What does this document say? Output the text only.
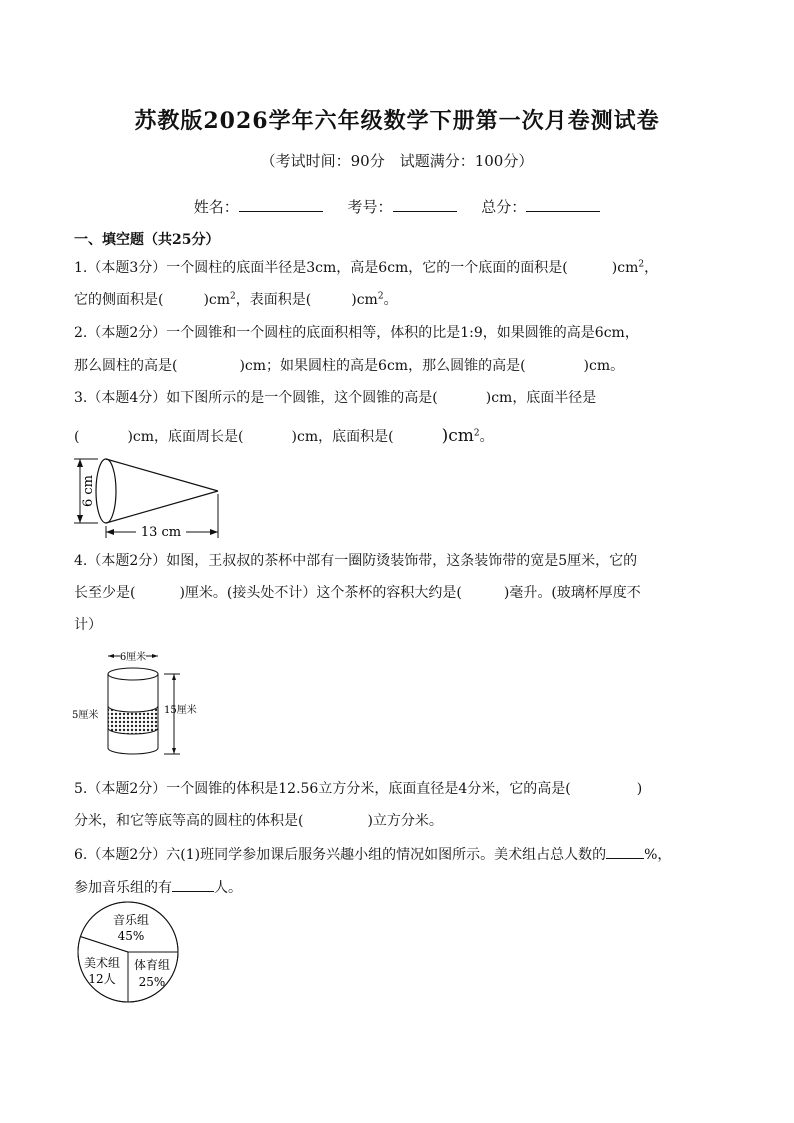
苏教版2026学年六年级数学下册第一次月卷测试卷
（考试时间：90分　试题满分：100分）
姓名：	考号：	总分：
一、填空题（共25分）
1.（本题3分）一个圆柱的底面半径是3cm，高是6cm，它的一个底面的面积是(	)$cm^2$，
它的侧面积是(	)$cm^2$，表面积是(	)$cm^2$。
2.（本题2分）一个圆锥和一个圆柱的底面积相等，体积的比是1:9，如果圆锥的高是6cm，
那么圆柱的高是(	)cm；如果圆柱的高是6cm，那么圆锥的高是(	)cm。
3.（本题4分）如下图所示的是一个圆锥，这个圆锥的高是(	)cm，底面半径是
(	)cm，底面周长是(	)cm，底面积是(	)$cm^2$。
13 cm
6 cm
4.（本题2分）如图，王叔叔的茶杯中部有一圈防烫装饰带，这条装饰带的宽是5厘米，它的
长至少是(	)厘米。(接头处不计）这个茶杯的容积大约是(	)毫升。(玻璃杯厚度不
计）
6厘米
5厘米	15厘米
5.（本题2分）一个圆锥的体积是12.56立方分米，底面直径是4分米，它的高是(	)
分米，和它等底等高的圆柱的体积是(	)立方分米。
6.（本题2分）六(1)班同学参加课后服务兴趣小组的情况如图所示。美术组占总人数的	%，
参加音乐组的有	人。
音乐组
45%
体育组
25%
美术组
12人
